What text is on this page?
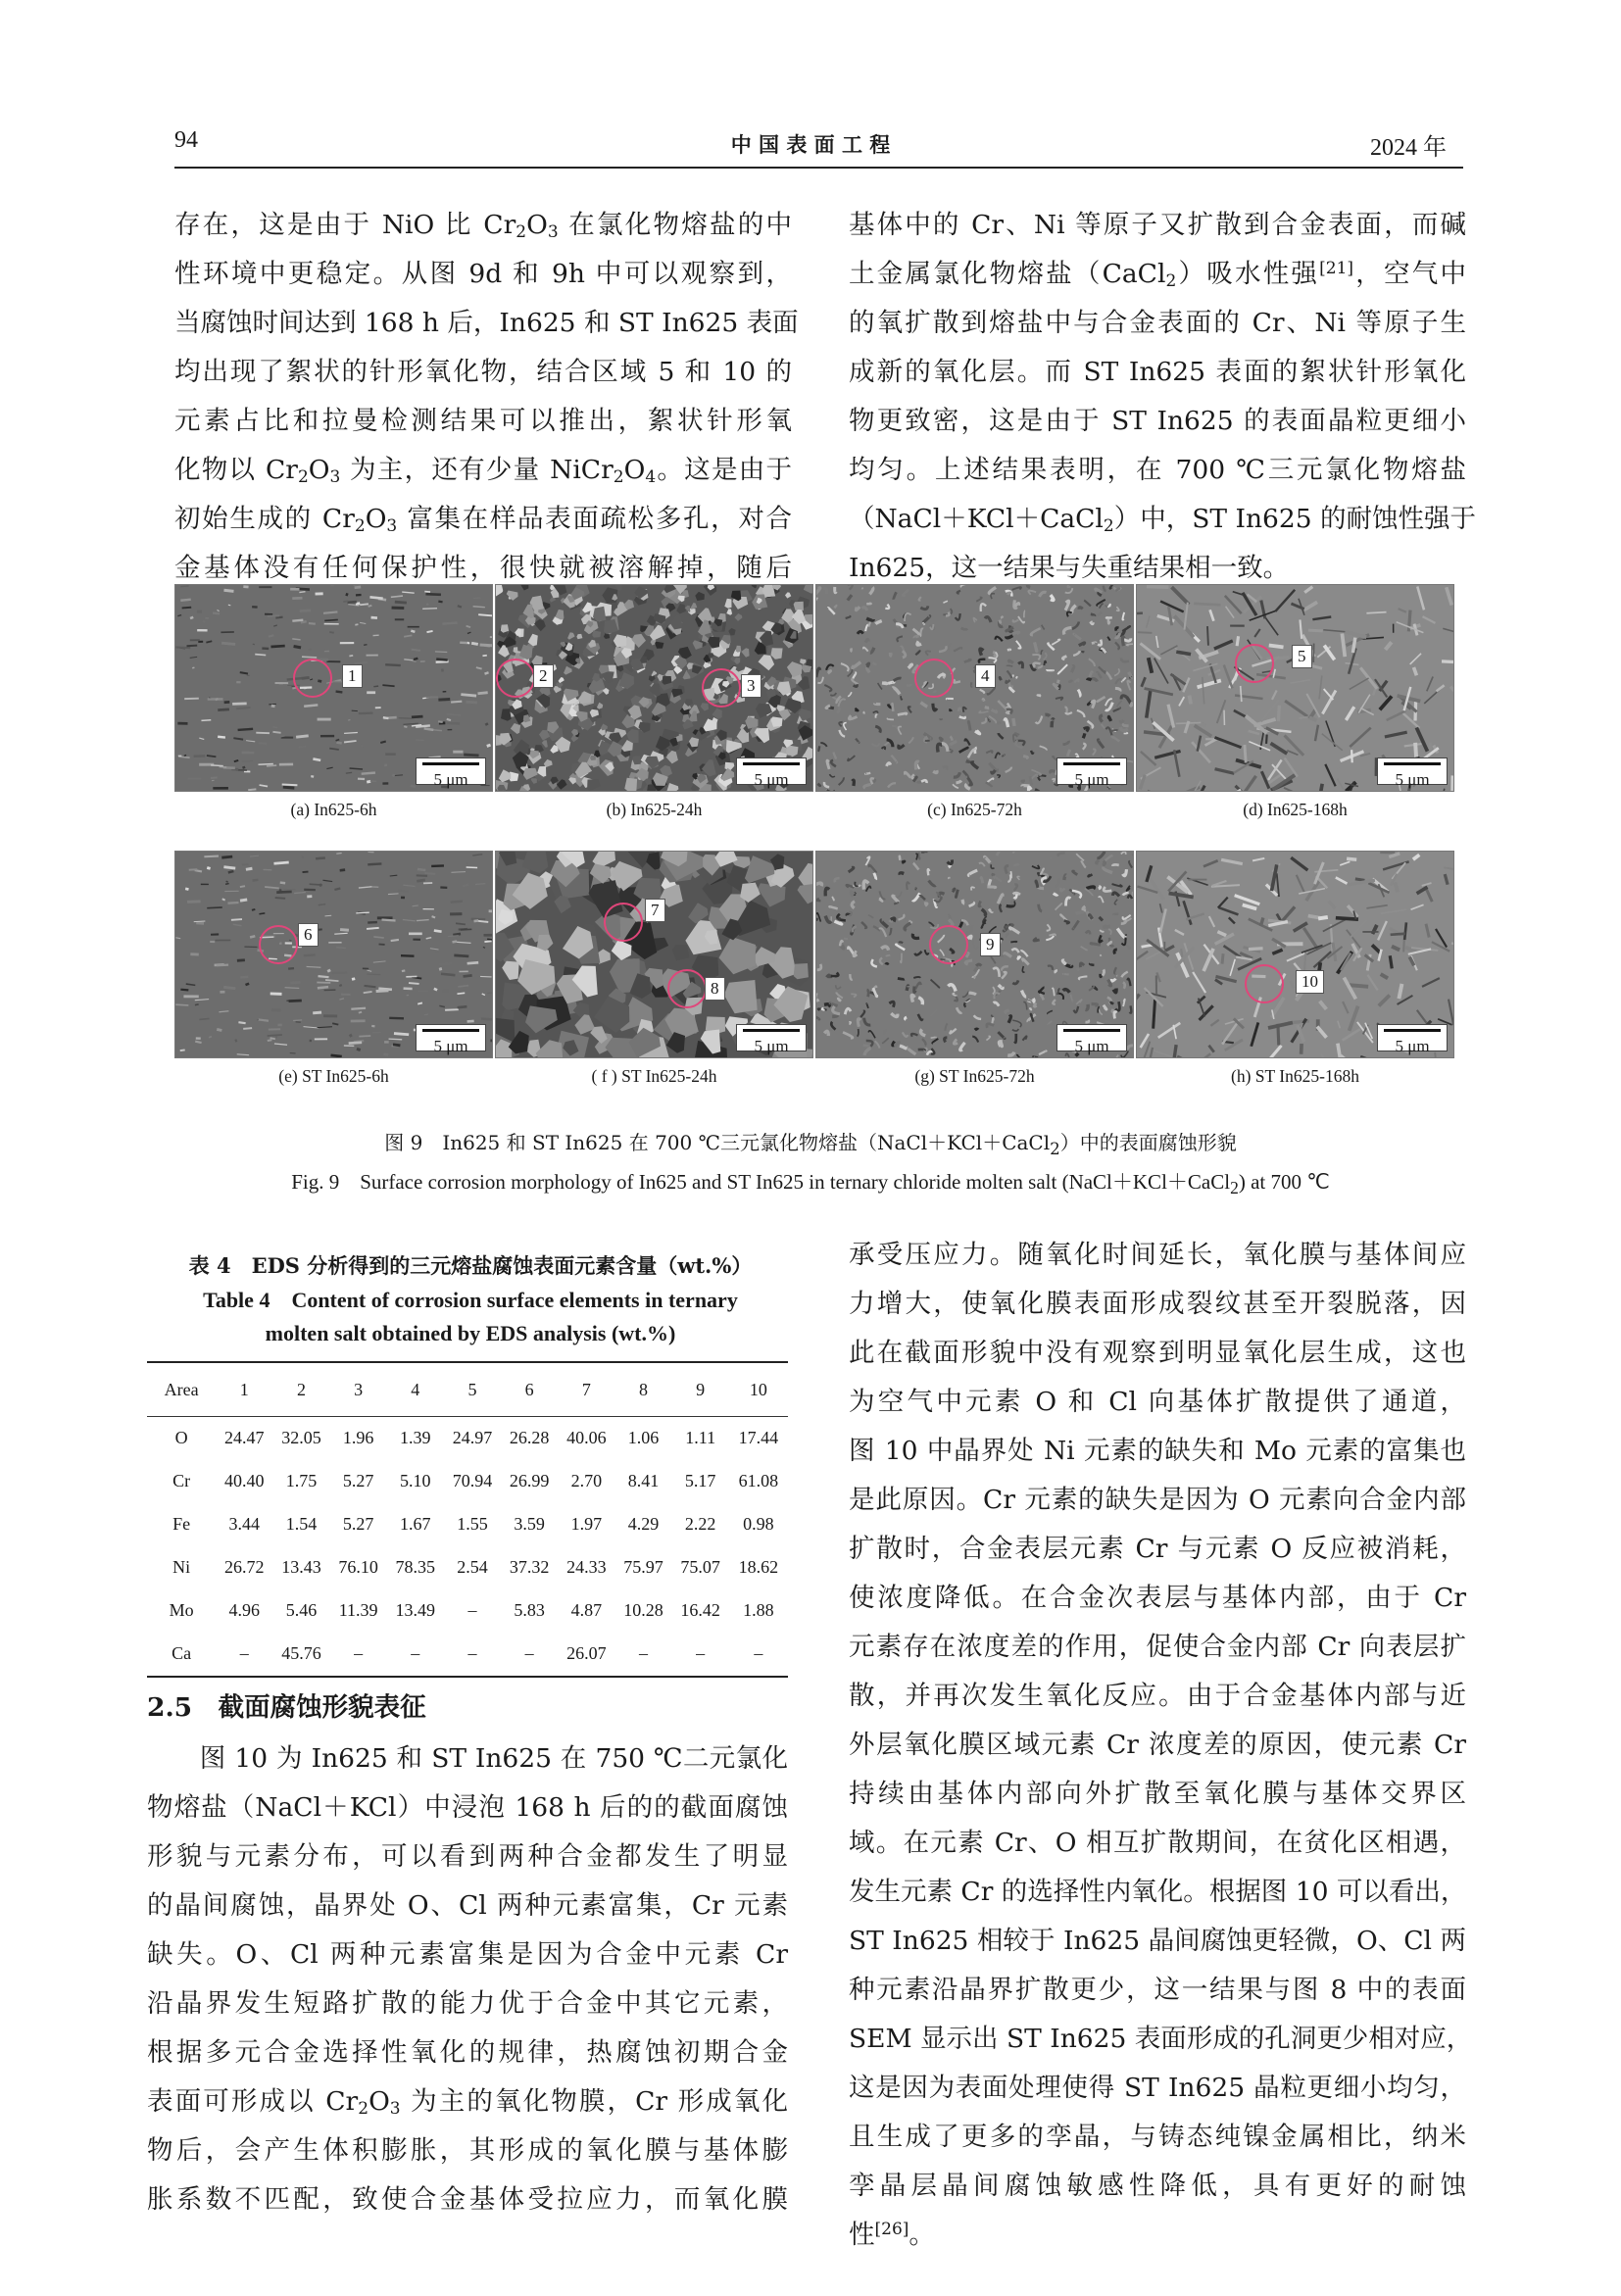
94	中 国 表 面 工 程	2024 年
存在，这是由于 NiO 比 $Cr_2O_3$ 在氯化物熔盐的中
性环境中更稳定。从图 9d 和 9h 中可以观察到，
当腐蚀时间达到 168 h 后，In625 和 ST In625 表面
均出现了絮状的针形氧化物，结合区域 5 和 10 的
元素占比和拉曼检测结果可以推出，絮状针形氧
化物以 $Cr_2O_3$ 为主，还有少量 $NiCr_2O_4$。这是由于
初始生成的 $Cr_2O_3$ 富集在样品表面疏松多孔，对合
金基体没有任何保护性，很快就被溶解掉，随后
基体中的 Cr、Ni 等原子又扩散到合金表面，而碱
土金属氯化物熔盐（CaCl$_2$）吸水性强[21]，空气中
的氧扩散到熔盐中与合金表面的 Cr、Ni 等原子生
成新的氧化层。而 ST In625 表面的絮状针形氧化
物更致密，这是由于 ST In625 的表面晶粒更细小
均匀。上述结果表明，在 700 ℃三元氯化物熔盐
（NaCl＋KCl＋CaCl$_2$）中，ST In625 的耐蚀性强于
In625，这一结果与失重结果相一致。
1
5 μm
(a) In625-6h
2
3
5 μm
(b) In625-24h
4
5 μm
(c) In625-72h
5
5 μm
(d) In625-168h
6
5 μm
(e) ST In625-6h
7
8
5 μm
( f ) ST In625-24h
9
5 μm
(g) ST In625-72h
10
5 μm
(h) ST In625-168h
图 9　In625 和 ST In625 在 700 ℃三元氯化物熔盐（NaCl＋KCl＋CaCl$_2$）中的表面腐蚀形貌
Fig. 9　Surface corrosion morphology of In625 and ST In625 in ternary chloride molten salt (NaCl＋KCl＋CaCl$_2$) at 700 ℃
表 4　EDS 分析得到的三元熔盐腐蚀表面元素含量（wt.%）
Table 4　Content of corrosion surface elements in ternary
molten salt obtained by EDS analysis (wt.%)
Area	1	2	3	4	5	6	7	8	9	10
O	24.47	32.05	1.96	1.39	24.97	26.28	40.06	1.06	1.11	17.44
Cr	40.40	1.75	5.27	5.10	70.94	26.99	2.70	8.41	5.17	61.08
Fe	3.44	1.54	5.27	1.67	1.55	3.59	1.97	4.29	2.22	0.98
Ni	26.72	13.43	76.10	78.35	2.54	37.32	24.33	75.97	75.07	18.62
Mo	4.96	5.46	11.39	13.49	–	5.83	4.87	10.28	16.42	1.88
Ca	–	45.76	–	–	–	–	26.07	–	–	–
2.5　截面腐蚀形貌表征
　　图 10 为 In625 和 ST In625 在 750 ℃二元氯化
物熔盐（NaCl＋KCl）中浸泡 168 h 后的的截面腐蚀
形貌与元素分布，可以看到两种合金都发生了明显
的晶间腐蚀，晶界处 O、Cl 两种元素富集，Cr 元素
缺失。O、Cl 两种元素富集是因为合金中元素 Cr
沿晶界发生短路扩散的能力优于合金中其它元素，
根据多元合金选择性氧化的规律，热腐蚀初期合金
表面可形成以 $Cr_2O_3$ 为主的氧化物膜，Cr 形成氧化
物后，会产生体积膨胀，其形成的氧化膜与基体膨
胀系数不匹配，致使合金基体受拉应力，而氧化膜
承受压应力。随氧化时间延长，氧化膜与基体间应
力增大，使氧化膜表面形成裂纹甚至开裂脱落，因
此在截面形貌中没有观察到明显氧化层生成，这也
为空气中元素 O 和 Cl 向基体扩散提供了通道，
图 10 中晶界处 Ni 元素的缺失和 Mo 元素的富集也
是此原因。Cr 元素的缺失是因为 O 元素向合金内部
扩散时，合金表层元素 Cr 与元素 O 反应被消耗，
使浓度降低。在合金次表层与基体内部，由于 Cr
元素存在浓度差的作用，促使合金内部 Cr 向表层扩
散，并再次发生氧化反应。由于合金基体内部与近
外层氧化膜区域元素 Cr 浓度差的原因，使元素 Cr
持续由基体内部向外扩散至氧化膜与基体交界区
域。在元素 Cr、O 相互扩散期间，在贫化区相遇，
发生元素 Cr 的选择性内氧化。根据图 10 可以看出，
ST In625 相较于 In625 晶间腐蚀更轻微，O、Cl 两
种元素沿晶界扩散更少，这一结果与图 8 中的表面
SEM 显示出 ST In625 表面形成的孔洞更少相对应，
这是因为表面处理使得 ST In625 晶粒更细小均匀，
且生成了更多的孪晶，与铸态纯镍金属相比，纳米
孪晶层晶间腐蚀敏感性降低，具有更好的耐蚀
性[26]。
